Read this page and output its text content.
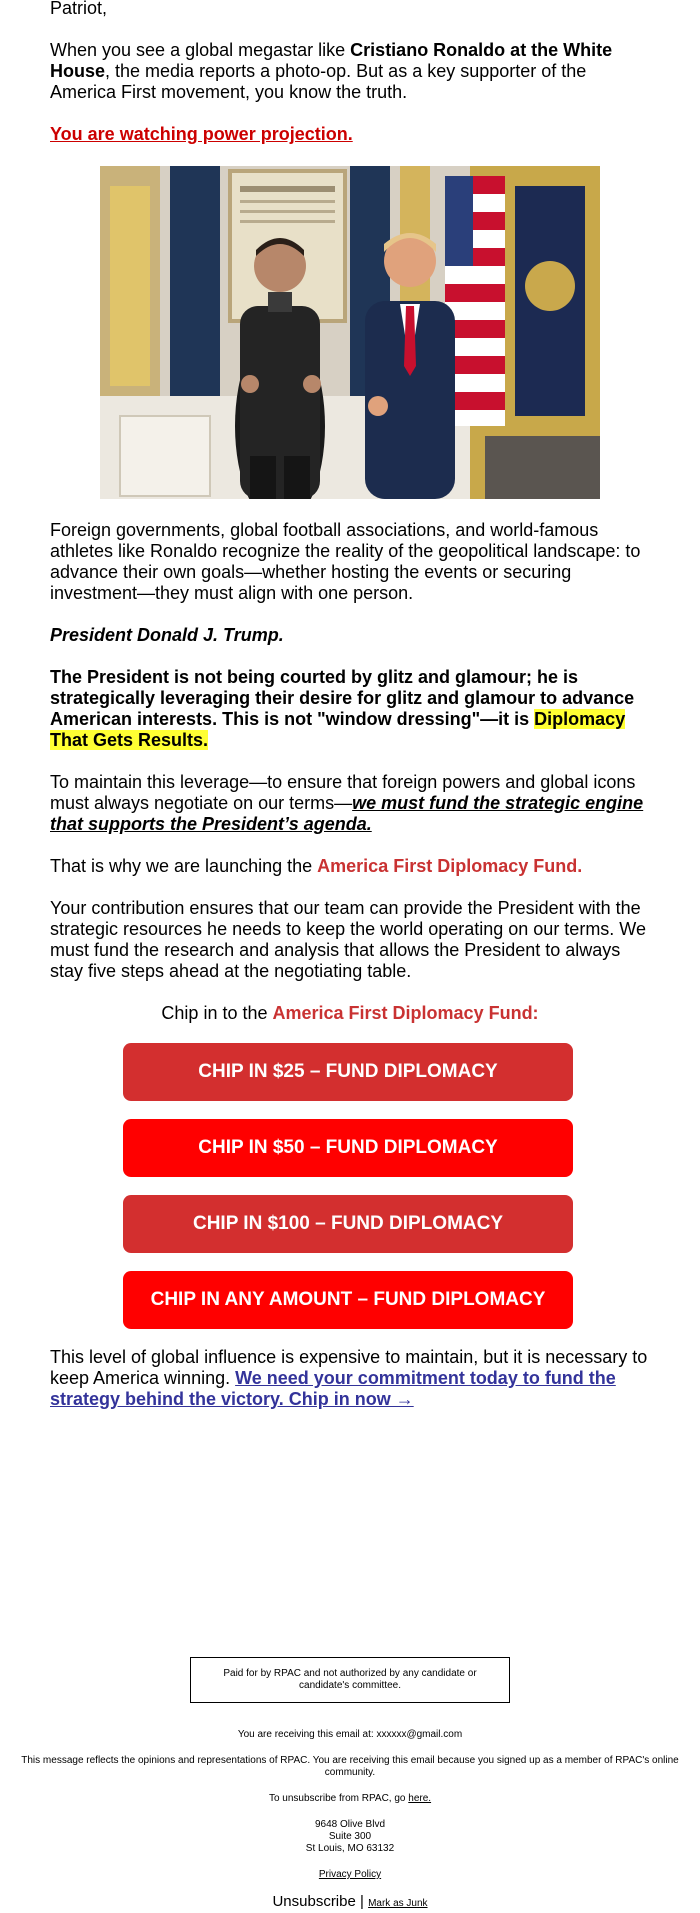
Patriot,

When you see a global megastar like Cristiano Ronaldo at the White House, the media reports a photo-op. But as a key supporter of the America First movement, you know the truth.

You are watching power projection.

Foreign governments, global football associations, and world-famous athletes like Ronaldo recognize the reality of the geopolitical landscape: to advance their own goals—whether hosting the events or securing investment—they must align with one person.

President Donald J. Trump.

The President is not being courted by glitz and glamour; he is strategically leveraging their desire for glitz and glamour to advance American interests. This is not "window dressing"—it is Diplomacy That Gets Results.

To maintain this leverage—to ensure that foreign powers and global icons must always negotiate on our terms—we must fund the strategic engine that supports the President’s agenda.

That is why we are launching the America First Diplomacy Fund.

Your contribution ensures that our team can provide the President with the strategic resources he needs to keep the world operating on our terms. We must fund the research and analysis that allows the President to always stay five steps ahead at the negotiating table.

Chip in to the America First Diplomacy Fund:

CHIP IN $25 – FUND DIPLOMACY
CHIP IN $50 – FUND DIPLOMACY
CHIP IN $100 – FUND DIPLOMACY
CHIP IN ANY AMOUNT – FUND DIPLOMACY

This level of global influence is expensive to maintain, but it is necessary to keep America winning. We need your commitment today to fund the strategy behind the victory. Chip in now →

Paid for by RPAC and not authorized by any candidate or candidate's committee.

You are receiving this email at: xxxxxx@gmail.com

This message reflects the opinions and representations of RPAC. You are receiving this email because you signed up as a member of RPAC's online community.

To unsubscribe from RPAC, go here.

9648 Olive Blvd
Suite 300
St Louis, MO 63132

Privacy Policy

Unsubscribe | Mark as Junk
